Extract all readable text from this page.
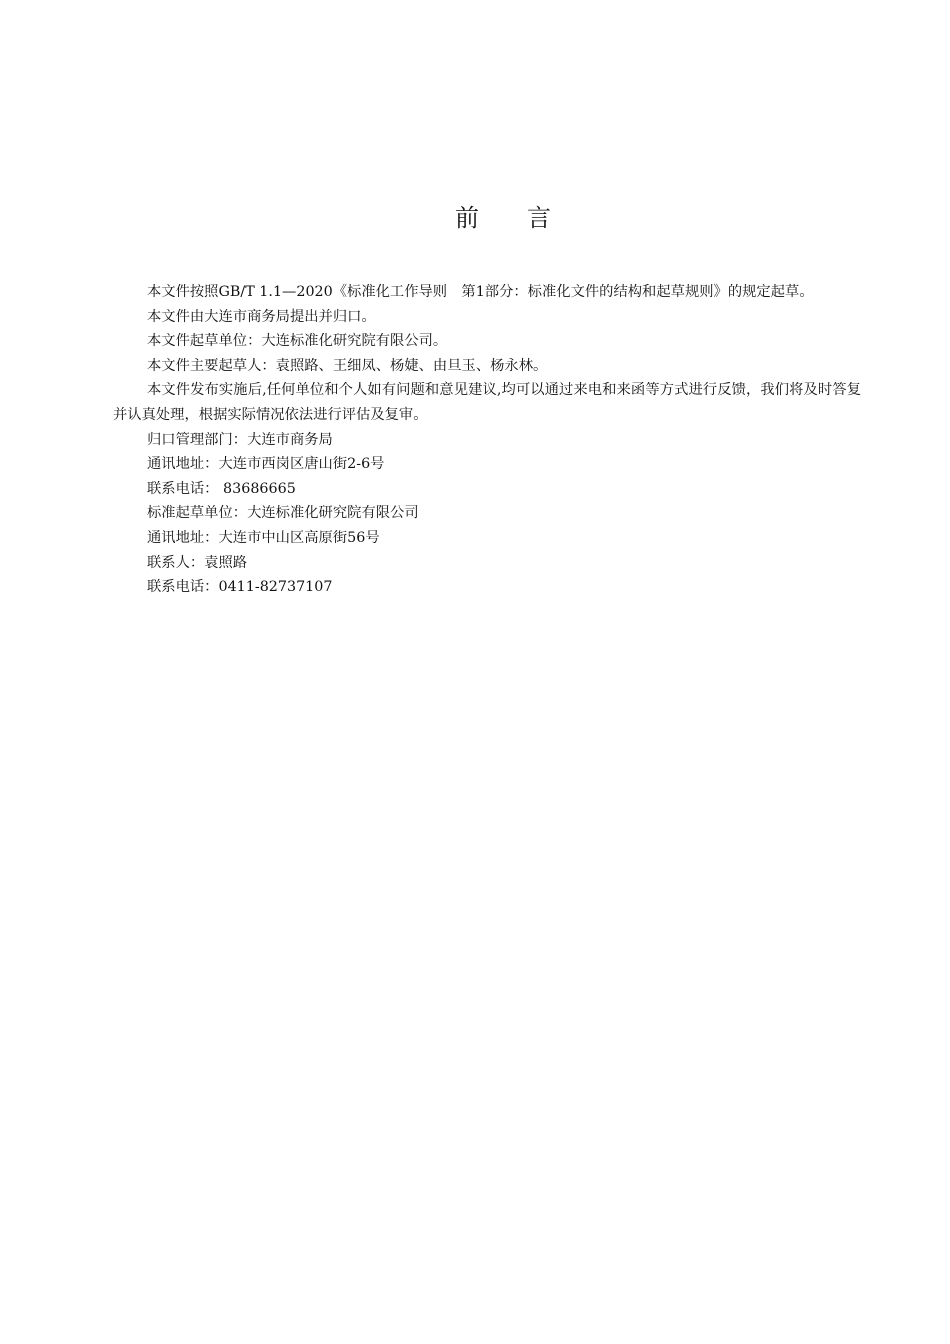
前 言

本文件按照GB/T 1.1—2020《标准化工作导则　第1部分：标准化文件的结构和起草规则》的规定起草。

本文件由大连市商务局提出并归口。

本文件起草单位：大连标准化研究院有限公司。

本文件主要起草人：袁照路、王细凤、杨婕、由旦玉、杨永林。

本文件发布实施后,任何单位和个人如有问题和意见建议,均可以通过来电和来函等方式进行反馈，我们将及时答复并认真处理，根据实际情况依法进行评估及复审。

归口管理部门：大连市商务局

通讯地址：大连市西岗区唐山街2-6号

联系电话： 83686665

标准起草单位：大连标准化研究院有限公司

通讯地址：大连市中山区高原街56号

联系人：袁照路

联系电话：0411-82737107
